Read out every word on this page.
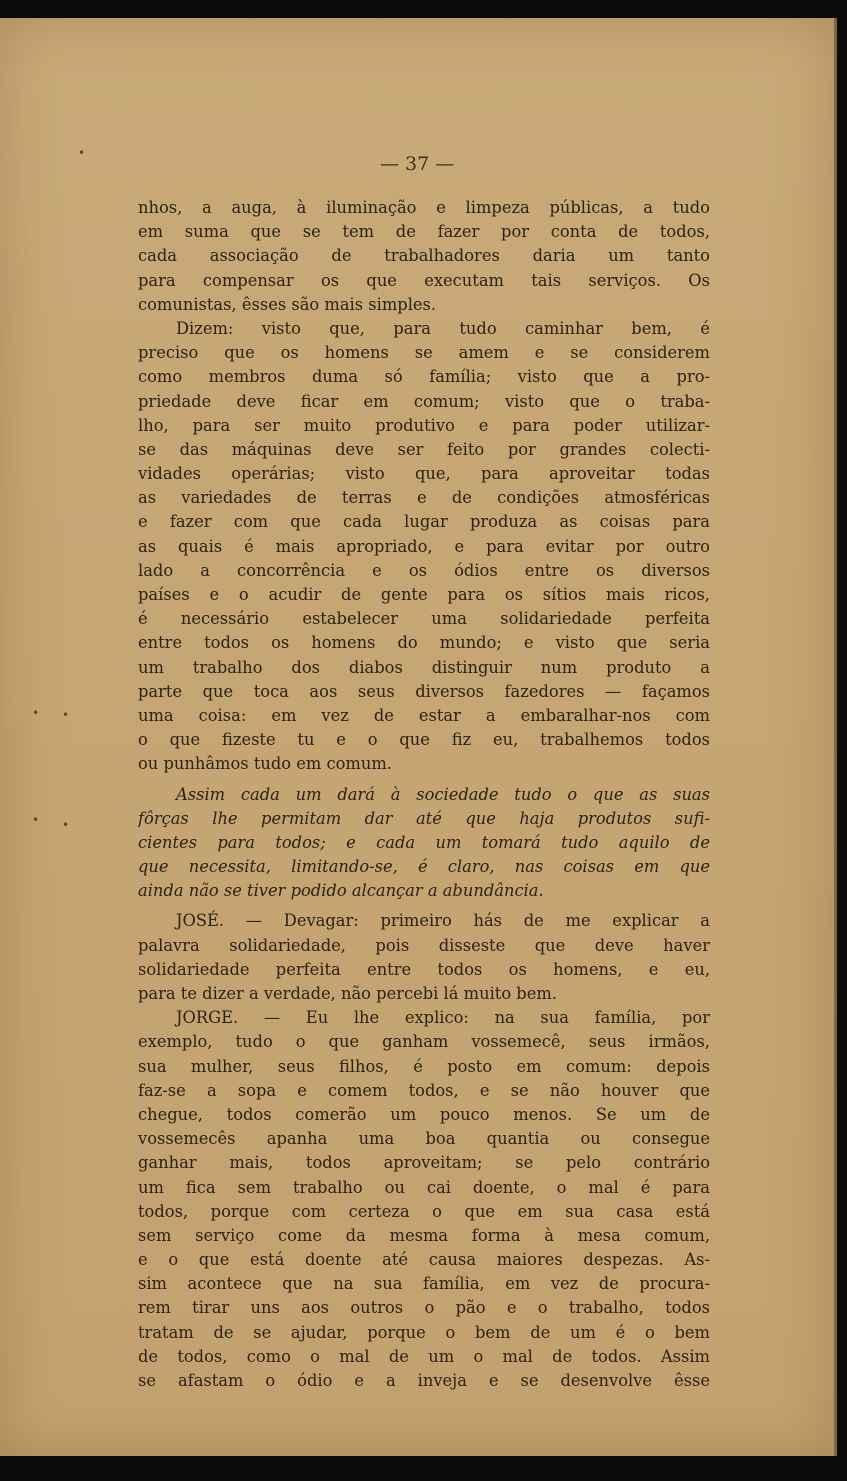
— 37 —
•
• •
• •
nhos, a auga, à iluminação e limpeza públicas, a tudo
em suma que se tem de fazer por conta de todos,
cada associação de trabalhadores daria um tanto
para compensar os que executam tais serviços. Os
comunistas, êsses são mais simples.
Dizem: visto que, para tudo caminhar bem, é
preciso que os homens se amem e se considerem
como membros duma só família; visto que a pro-
priedade deve ficar em comum; visto que o traba-
lho, para ser muito produtivo e para poder utilizar-
se das máquinas deve ser feito por grandes colecti-
vidades operárias; visto que, para aproveitar todas
as variedades de terras e de condições atmosféricas
e fazer com que cada lugar produza as coisas para
as quais é mais apropriado, e para evitar por outro
lado a concorrência e os ódios entre os diversos
países e o acudir de gente para os sítios mais ricos,
é necessário estabelecer uma solidariedade perfeita
entre todos os homens do mundo; e visto que seria
um trabalho dos diabos distinguir num produto a
parte que toca aos seus diversos fazedores — façamos
uma coisa: em vez de estar a embaralhar-nos com
o que fizeste tu e o que fiz eu, trabalhemos todos
ou punhâmos tudo em comum.
Assim cada um dará à sociedade tudo o que as suas
fôrças lhe permitam dar até que haja produtos sufi-
cientes para todos; e cada um tomará tudo aquilo de
que necessita, limitando-se, é claro, nas coisas em que
ainda não se tiver podido alcançar a abundância.
JOSÉ. — Devagar: primeiro hás de me explicar a
palavra solidariedade, pois disseste que deve haver
solidariedade perfeita entre todos os homens, e eu,
para te dizer a verdade, não percebi lá muito bem.
JORGE. — Eu lhe explico: na sua família, por
exemplo, tudo o que ganham vossemecê, seus irmãos,
sua mulher, seus filhos, é posto em comum: depois
faz-se a sopa e comem todos, e se não houver que
chegue, todos comerão um pouco menos. Se um de
vossemecês apanha uma boa quantia ou consegue
ganhar mais, todos aproveitam; se pelo contrário
um fica sem trabalho ou cai doente, o mal é para
todos, porque com certeza o que em sua casa está
sem serviço come da mesma forma à mesa comum,
e o que está doente até causa maiores despezas. As-
sim acontece que na sua família, em vez de procura-
rem tirar uns aos outros o pão e o trabalho, todos
tratam de se ajudar, porque o bem de um é o bem
de todos, como o mal de um o mal de todos. Assim
se afastam o ódio e a inveja e se desenvolve êsse
